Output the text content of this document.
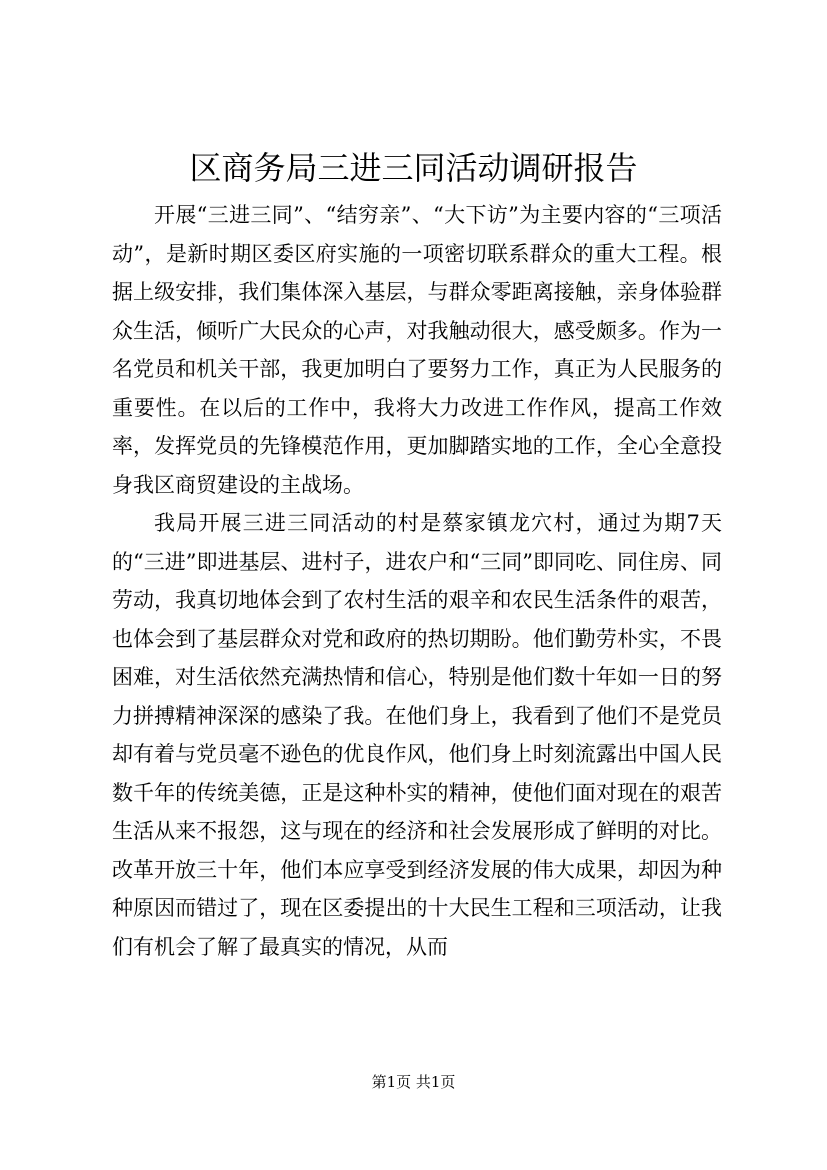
区商务局三进三同活动调研报告

开展“三进三同”、“结穷亲”、“大下访”为主要内容的“三项活动”，是新时期区委区府实施的一项密切联系群众的重大工程。根据上级安排，我们集体深入基层，与群众零距离接触，亲身体验群众生活，倾听广大民众的心声，对我触动很大，感受颇多。作为一名党员和机关干部，我更加明白了要努力工作，真正为人民服务的重要性。在以后的工作中，我将大力改进工作作风，提高工作效率，发挥党员的先锋模范作用，更加脚踏实地的工作，全心全意投身我区商贸建设的主战场。

我局开展三进三同活动的村是蔡家镇龙穴村，通过为期7天的“三进”即进基层、进村子，进农户和“三同”即同吃、同住房、同劳动，我真切地体会到了农村生活的艰辛和农民生活条件的艰苦，也体会到了基层群众对党和政府的热切期盼。他们勤劳朴实，不畏困难，对生活依然充满热情和信心，特别是他们数十年如一日的努力拼搏精神深深的感染了我。在他们身上，我看到了他们不是党员却有着与党员毫不逊色的优良作风，他们身上时刻流露出中国人民数千年的传统美德，正是这种朴实的精神，使他们面对现在的艰苦生活从来不报怨，这与现在的经济和社会发展形成了鲜明的对比。改革开放三十年，他们本应享受到经济发展的伟大成果，却因为种种原因而错过了，现在区委提出的十大民生工程和三项活动，让我们有机会了解了最真实的情况，从而

第1页 共1页
